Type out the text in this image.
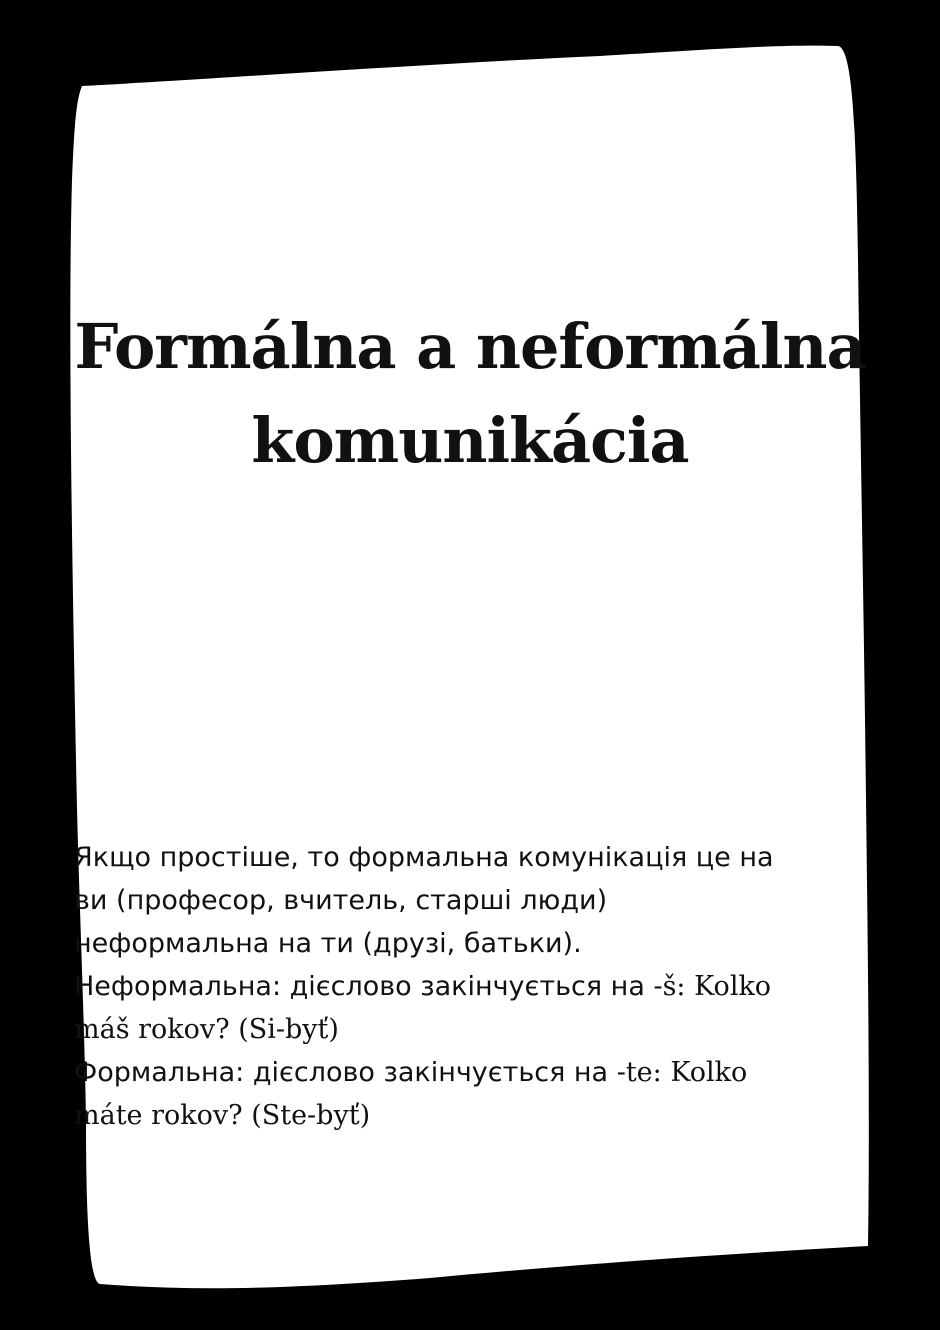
Formálna a neformálna
komunikácia
Якщо простіше, то формальна комунікація це на
ви (професор, вчитель, старші люди)
неформальна на ти (друзі, батьки).
Неформальна: дієслово закінчується на -š: Kolko
máš rokov? (Si-byť)
Формальна: дієслово закінчується на -te: Kolko
máte rokov? (Ste-byť)
